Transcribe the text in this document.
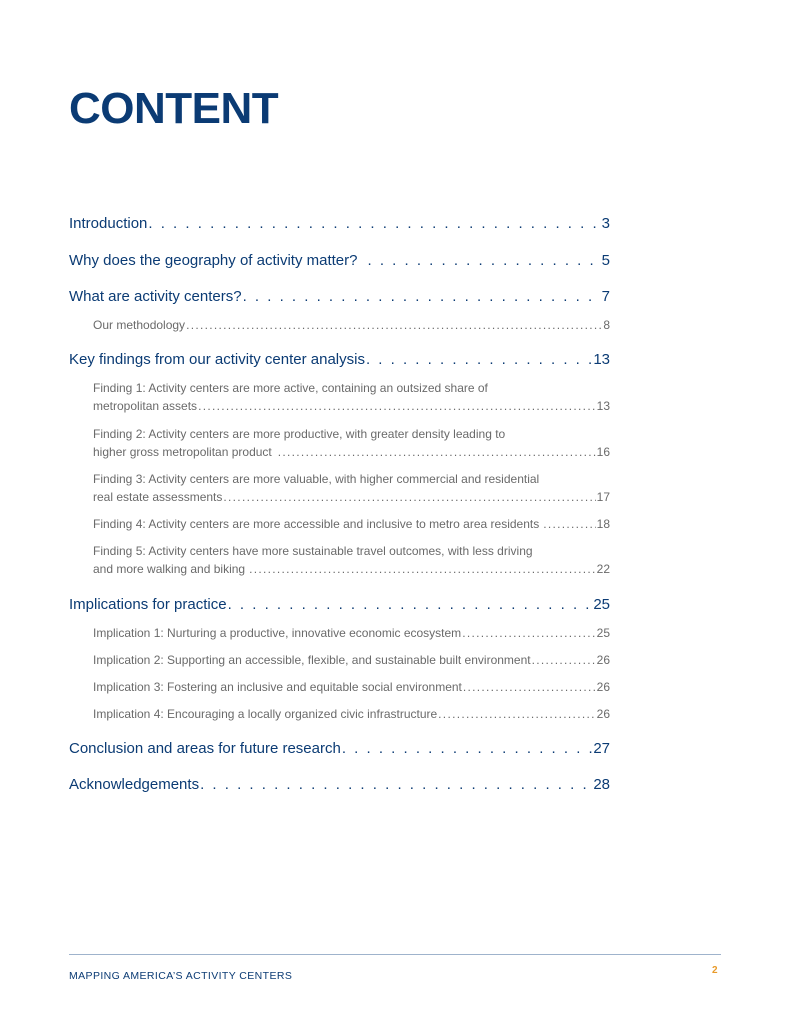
CONTENT
Introduction . . .	3
Why does the geography of activity matter? . . .	5
What are activity centers? . . .	7
Our methodology .....	8
Key findings from our activity center analysis . . .	13
Finding 1: Activity centers are more active, containing an outsized share of
metropolitan assets .....	13
Finding 2: Activity centers are more productive, with greater density leading to
higher gross metropolitan product .....	16
Finding 3: Activity centers are more valuable, with higher commercial and residential
real estate assessments .....	17
Finding 4: Activity centers are more accessible and inclusive to metro area residents .....	18
Finding 5: Activity centers have more sustainable travel outcomes, with less driving
and more walking and biking .....	22
Implications for practice . . .	25
Implication 1: Nurturing a productive, innovative economic ecosystem .....	25
Implication 2: Supporting an accessible, flexible, and sustainable built environment .....	26
Implication 3: Fostering an inclusive and equitable social environment .....	26
Implication 4: Encouraging a locally organized civic infrastructure .....	26
Conclusion and areas for future research . . .	27
Acknowledgements . . .	28
MAPPING AMERICA’S ACTIVITY CENTERS	2
